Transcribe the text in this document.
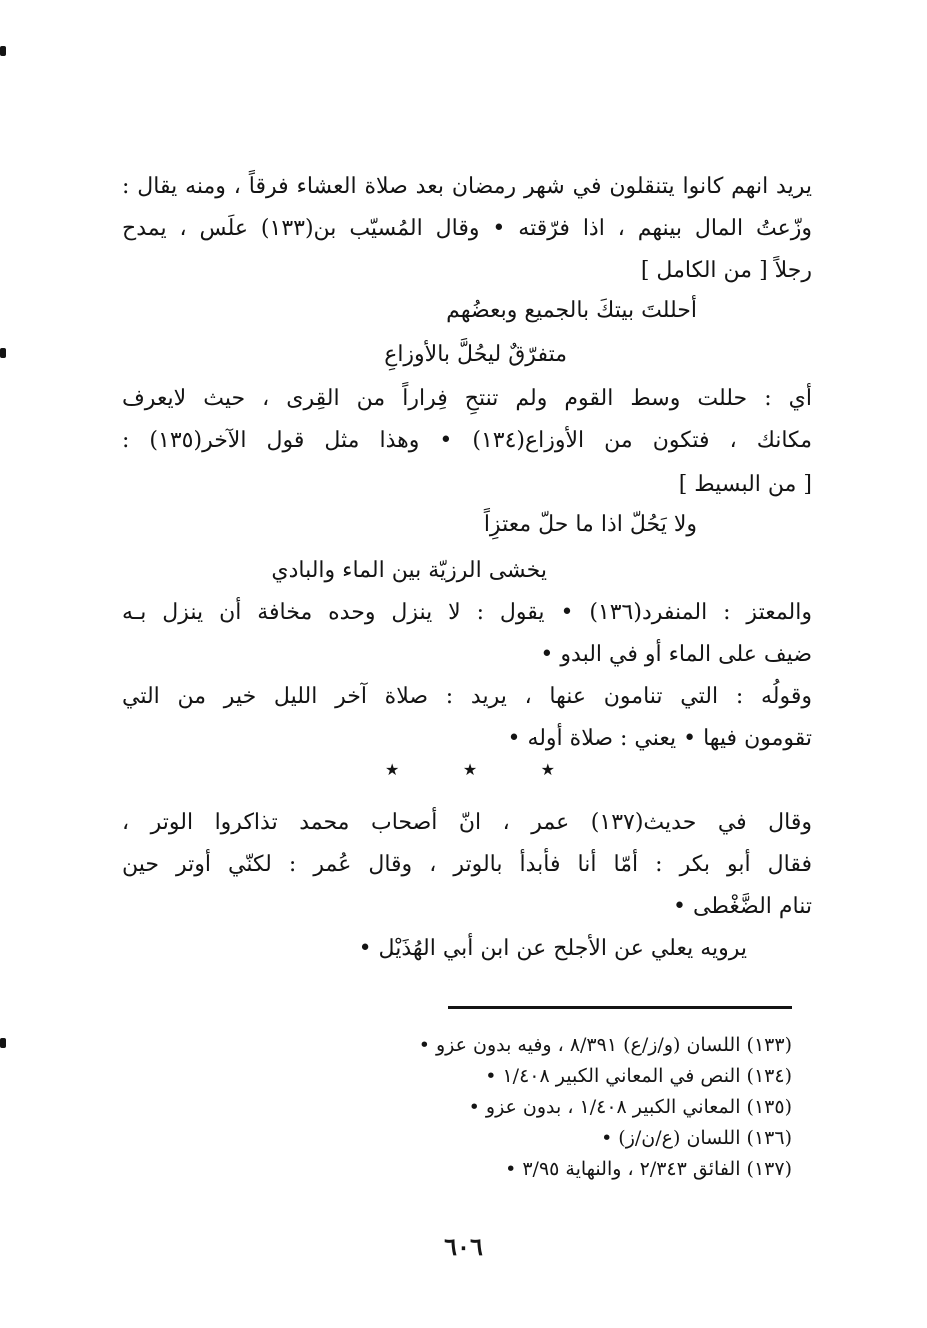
يريد انهم كانوا يتنقلون في شهر رمضان بعد صلاة العشاء فرقاً ، ومنه يقال :
وزّعتُ المال بينهم ، اذا فرّقته • وقال المُسيّب بن(١٣٣) علَس ، يمدح
رجلاً [ من الكامل ]
أحللتَ بيتكَ بالجميع وبعضُهم
متفرّقٌ ليحُلَّ بالأوزاعِ
أي : حللت وسط القوم ولم تنتحِ فِراراً من القِرى ، حيث لايعرف
مكانك ، فتكون من الأوزاع(١٣٤) • وهذا مثل قول الآخر(١٣٥) :
[ من البسيط ]
ولا يَحُلّ اذا ما حلّ معتزِاً
يخشى الرزيّة بين الماء والبادي
والمعتز : المنفرد(١٣٦) • يقول : لا ينزل وحده مخافة أن ينزل بـه
ضيف على الماء أو في البدو •
وقولُه : التي تنامون عنها ، يريد : صلاة آخر الليل خير من التي
تقومون فيها • يعني : صلاة أوله •
★	★	★
وقال في حديث(١٣٧) عمر ، انّ أصحاب محمد تذاكروا الوتر ،
فقال أبو بكر : أمّا أنا فأبدأ بالوتر ، وقال عُمر : لكنّي أوتر حين
تنام الضَّغْطى •
يرويه يعلي عن الأجلح عن ابن أبي الهُذَيْل •
(١٣٣) اللسان (و/ز/ع) ٨/٣٩١ ، وفيه بدون عزو •
(١٣٤) النص في المعاني الكبير ١/٤٠٨ •
(١٣٥) المعاني الكبير ١/٤٠٨ ، بدون عزو •
(١٣٦) اللسان (ع/ن/ز) •
(١٣٧) الفائق ٢/٣٤٣ ، والنهاية ٣/٩٥ •
٦٠٦
